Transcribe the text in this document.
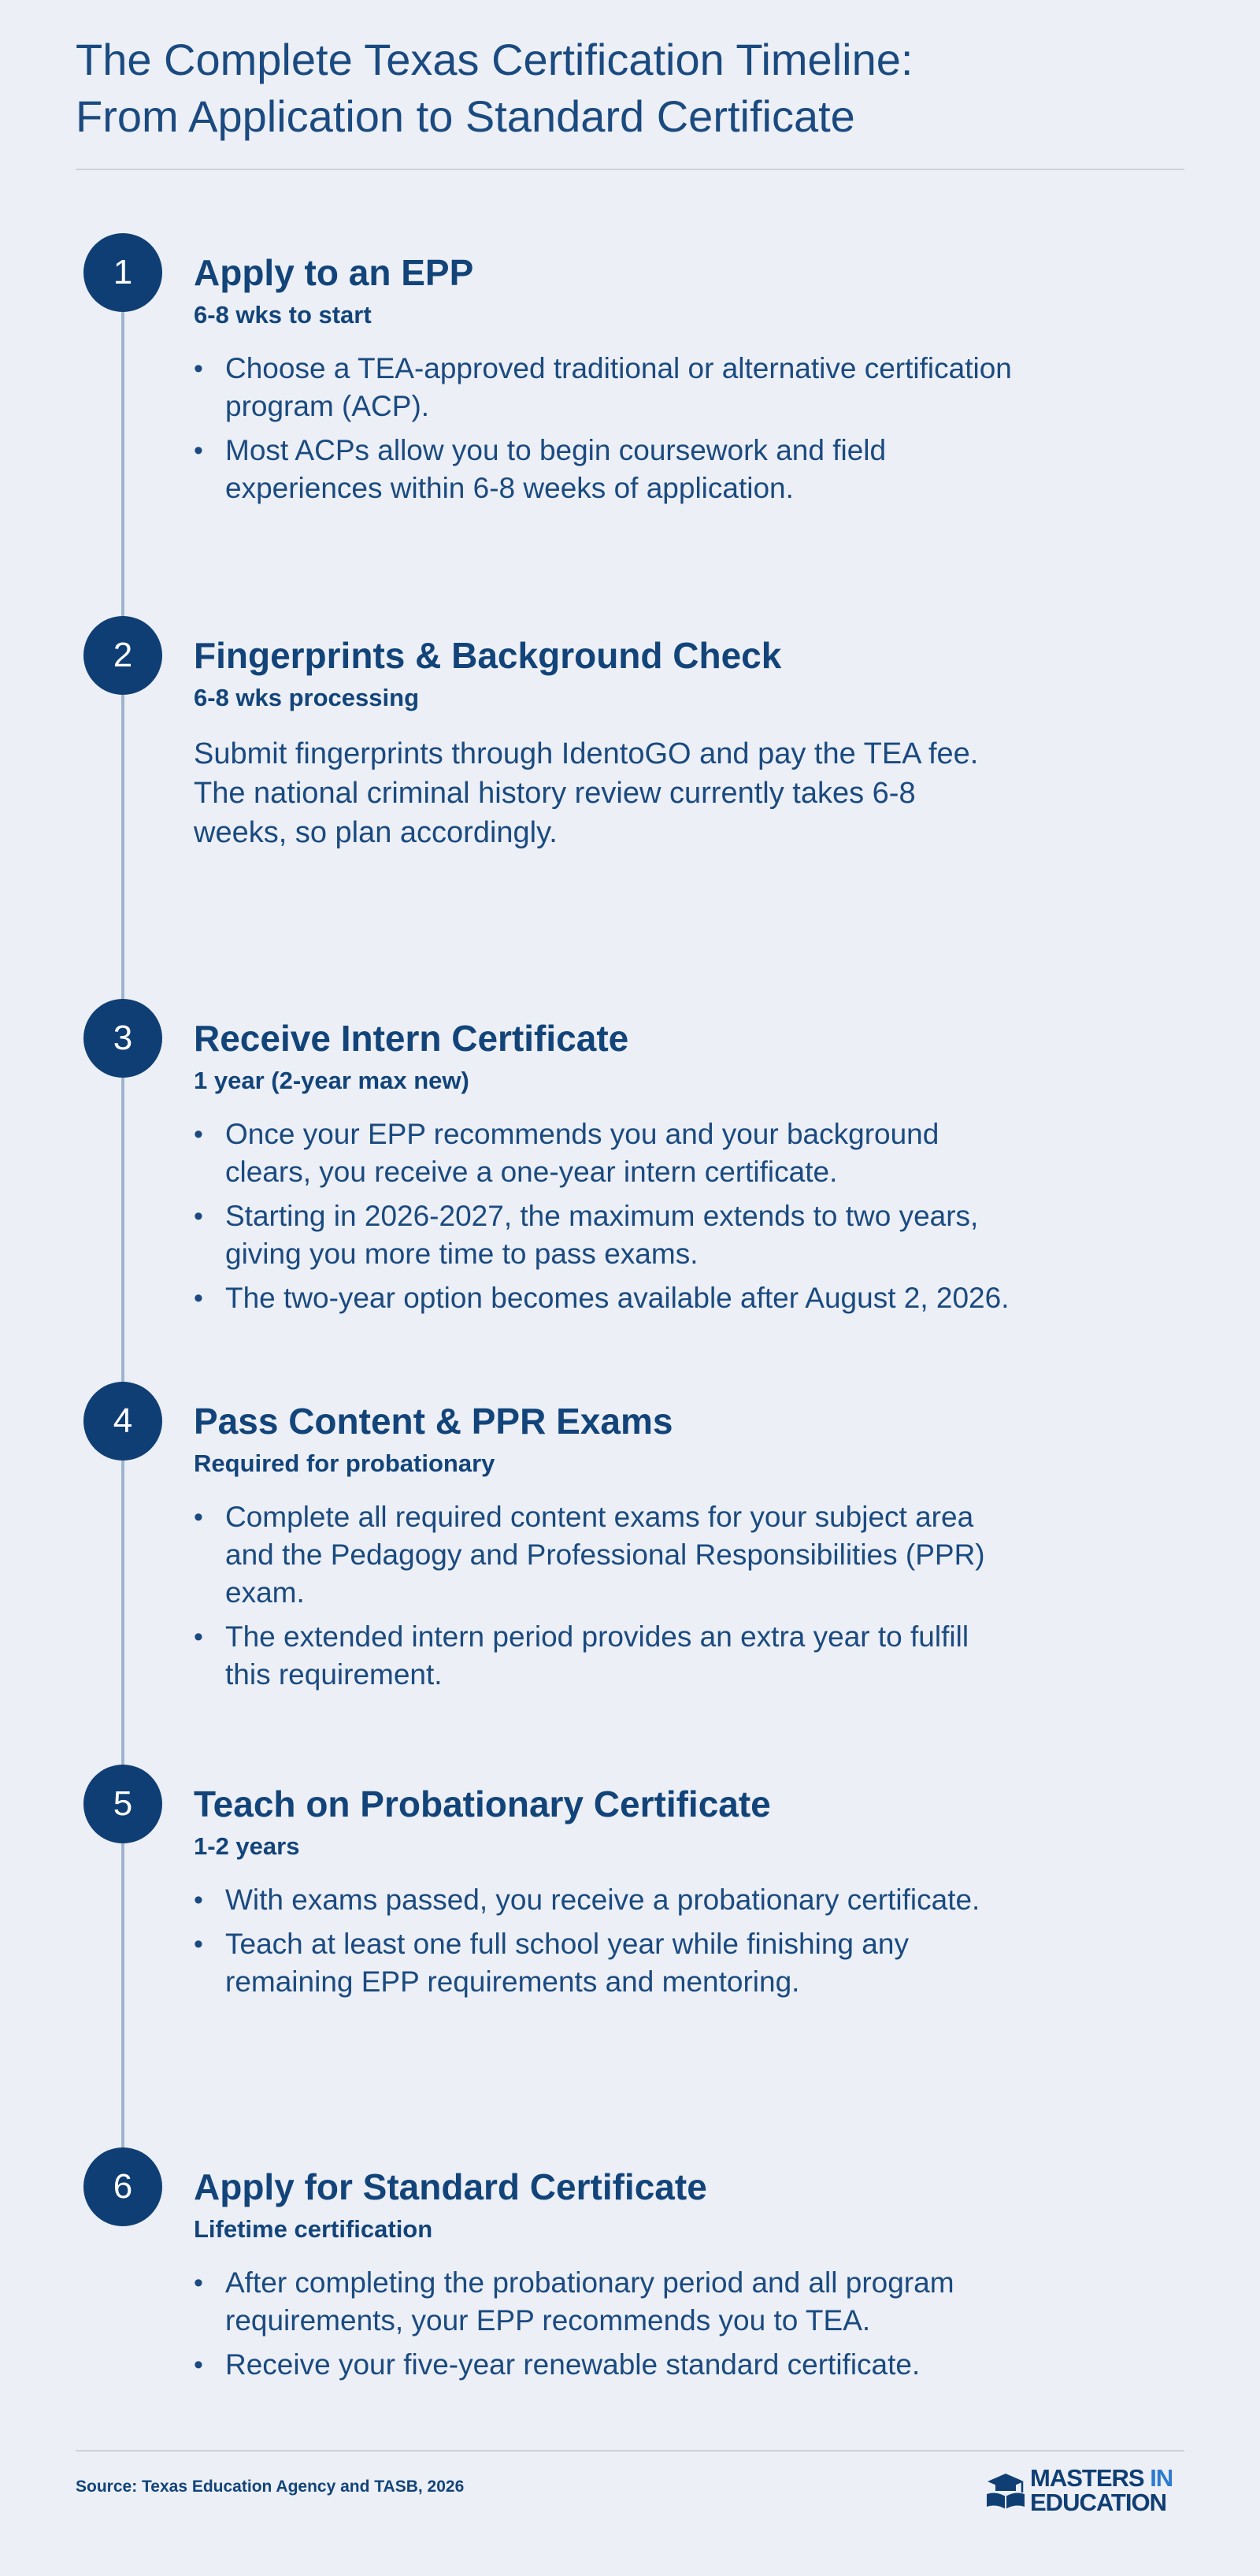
The Complete Texas Certification Timeline:
From Application to Standard Certificate
1	Apply to an EPP
6-8 wks to start
• Choose a TEA-approved traditional or alternative certification program (ACP).
• Most ACPs allow you to begin coursework and field experiences within 6-8 weeks of application.
2	Fingerprints & Background Check
6-8 wks processing

Submit fingerprints through IdentoGO and pay the TEA fee. The national criminal history review currently takes 6-8 weeks, so plan accordingly.

3	Receive Intern Certificate
1 year (2-year max new)
• Once your EPP recommends you and your background clears, you receive a one-year intern certificate.
• Starting in 2026-2027, the maximum extends to two years, giving you more time to pass exams.
• The two-year option becomes available after August 2, 2026.
4	Pass Content & PPR Exams
Required for probationary
• Complete all required content exams for your subject area and the Pedagogy and Professional Responsibilities (PPR) exam.
• The extended intern period provides an extra year to fulfill this requirement.
5	Teach on Probationary Certificate
1-2 years
• With exams passed, you receive a probationary certificate.
• Teach at least one full school year while finishing any remaining EPP requirements and mentoring.
6	Apply for Standard Certificate
Lifetime certification
• After completing the probationary period and all program requirements, your EPP recommends you to TEA.
• Receive your five-year renewable standard certificate.
Source: Texas Education Agency and TASB, 2026	MASTERS IN
EDUCATION
